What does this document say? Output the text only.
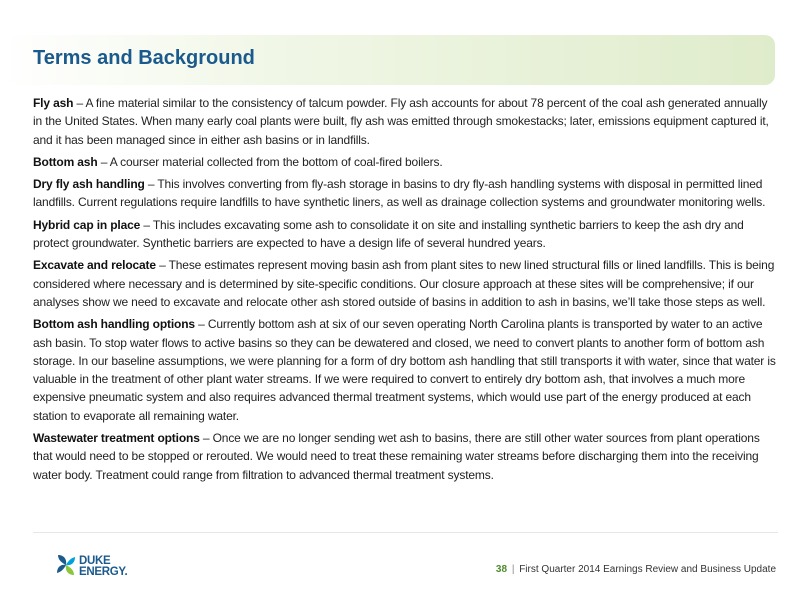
Terms and Background

Fly ash – A fine material similar to the consistency of talcum powder. Fly ash accounts for about 78 percent of the coal ash generated annually in the United States. When many early coal plants were built, fly ash was emitted through smokestacks; later, emissions equipment captured it, and it has been managed since in either ash basins or in landfills.

Bottom ash – A courser material collected from the bottom of coal-fired boilers.

Dry fly ash handling – This involves converting from fly-ash storage in basins to dry fly-ash handling systems with disposal in permitted lined landfills. Current regulations require landfills to have synthetic liners, as well as drainage collection systems and groundwater monitoring wells.

Hybrid cap in place – This includes excavating some ash to consolidate it on site and installing synthetic barriers to keep the ash dry and protect groundwater. Synthetic barriers are expected to have a design life of several hundred years.

Excavate and relocate – These estimates represent moving basin ash from plant sites to new lined structural fills or lined landfills. This is being considered where necessary and is determined by site-specific conditions. Our closure approach at these sites will be comprehensive; if our analyses show we need to excavate and relocate other ash stored outside of basins in addition to ash in basins, we’ll take those steps as well.

Bottom ash handling options – Currently bottom ash at six of our seven operating North Carolina plants is transported by water to an active ash basin. To stop water flows to active basins so they can be dewatered and closed, we need to convert plants to another form of bottom ash storage. In our baseline assumptions, we were planning for a form of dry bottom ash handling that still transports it with water, since that water is valuable in the treatment of other plant water streams. If we were required to convert to entirely dry bottom ash, that involves a much more expensive pneumatic system and also requires advanced thermal treatment systems, which would use part of the energy produced at each station to evaporate all remaining water.

Wastewater treatment options – Once we are no longer sending wet ash to basins, there are still other water sources from plant operations that would need to be stopped or rerouted. We would need to treat these remaining water streams before discharging them into the receiving water body. Treatment could range from filtration to advanced thermal treatment systems.

DUKE
ENERGY.	38 | First Quarter 2014 Earnings Review and Business Update
